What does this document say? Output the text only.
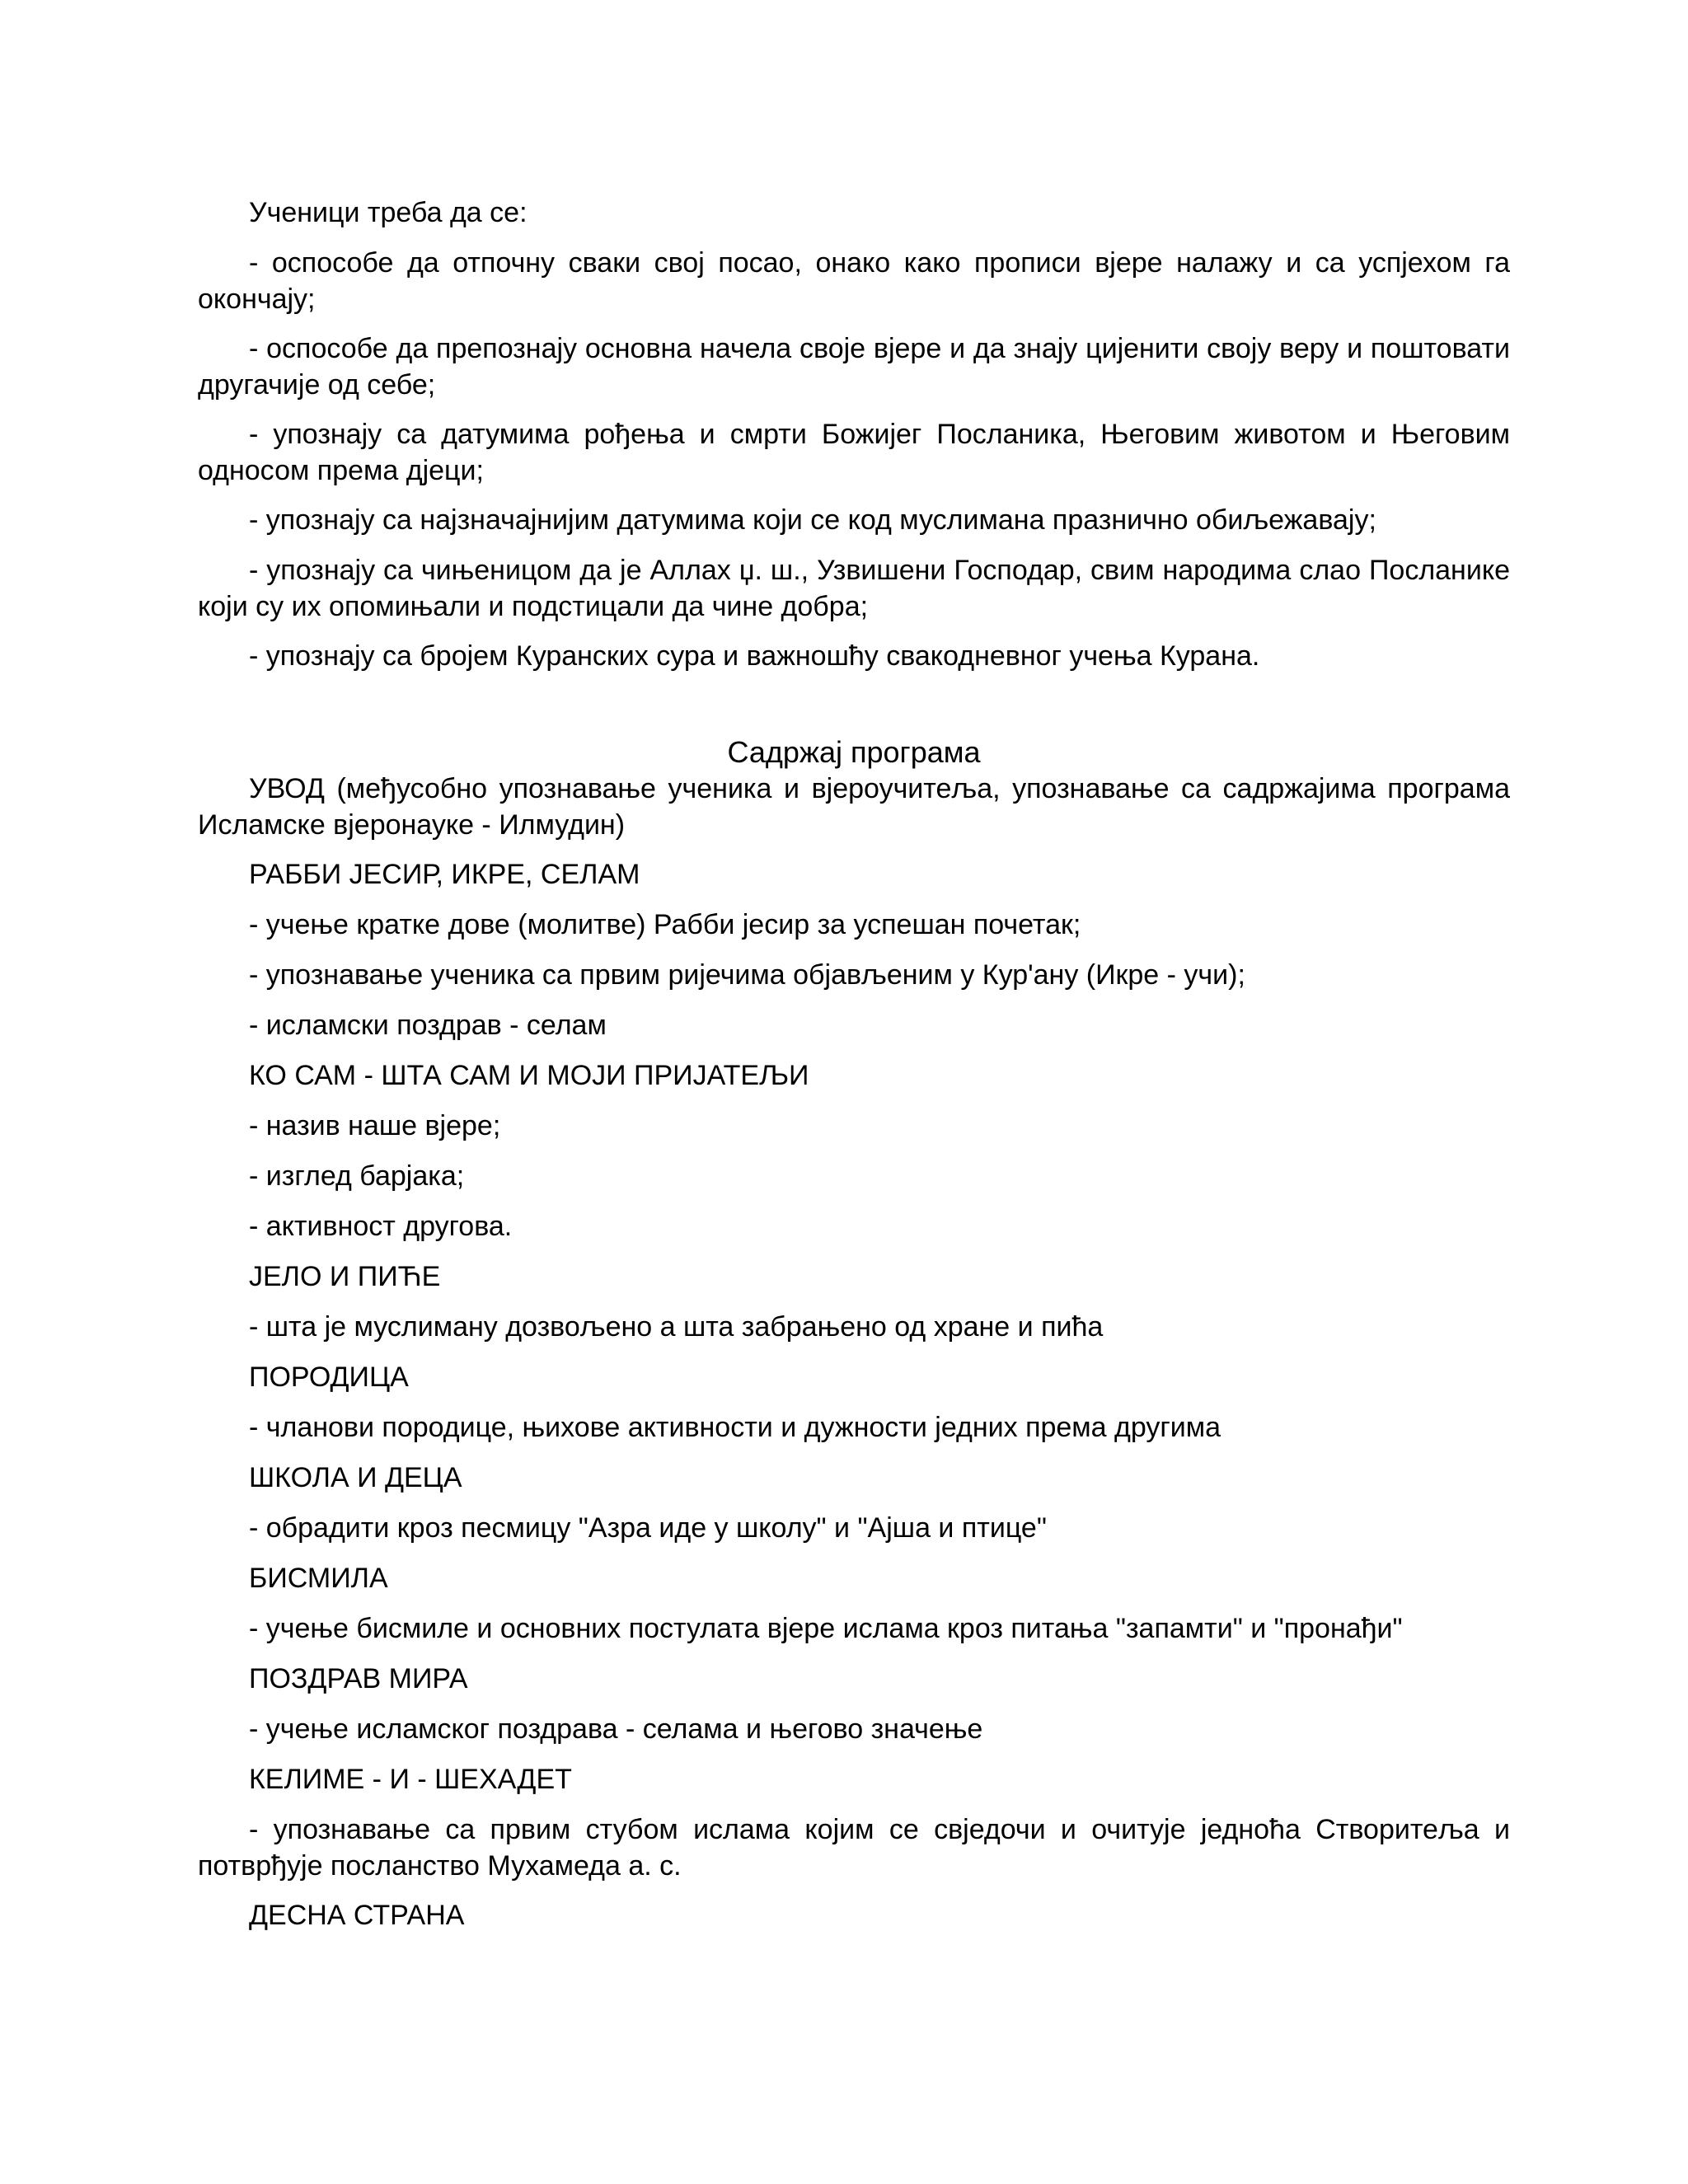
Ученици треба да се:

- оспособе да отпочну сваки свој посао, онако како прописи вјере налажу и са успјехом га окончају;

- оспособе да препознају основна начела своје вјере и да знају цијенити своју веру и поштовати другачије од себе;

- упознају са датумима рођења и смрти Божијег Посланика, Његовим животом и Његовим односом према дјеци;

- упознају са најзначајнијим датумима који се код муслимана празнично обиљежавају;

- упознају са чињеницом да је Аллах џ. ш., Узвишени Господар, свим народима слао Посланике који су их опомињали и подстицали да чине добра;

- упознају са бројем Куранских сура и важношћу свакодневног учења Курана.

Садржај програма

УВОД (међусобно упознавање ученика и вјероучитеља, упознавање са садржајима програма Исламске вјеронауке - Илмудин)

РАББИ ЈЕСИР, ИКРЕ, СЕЛАМ

- учење кратке дове (молитве) Рабби јесир за успешан почетак;

- упознавање ученика са првим ријечима објављеним у Кур'ану (Икре - учи);

- исламски поздрав - селам

КО САМ - ШТА САМ И МОЈИ ПРИЈАТЕЉИ

- назив наше вјере;

- изглед барјака;

- активност другова.

ЈЕЛО И ПИЋЕ

- шта је муслиману дозвољено а шта забрањено од хране и пића

ПОРОДИЦА

- чланови породице, њихове активности и дужности једних према другима

ШКОЛА И ДЕЦА

- обрадити кроз песмицу "Азра иде у школу" и "Ајша и птице"

БИСМИЛА

- учење бисмиле и основних постулата вјере ислама кроз питања "запамти" и "пронађи"

ПОЗДРАВ МИРА

- учење исламског поздрава - селама и његово значење

КЕЛИМЕ - И - ШЕХАДЕТ

- упознавање са првим стубом ислама којим се свједочи и очитује једноћа Створитеља и потврђује посланство Мухамеда а. с.

ДЕСНА СТРАНА
